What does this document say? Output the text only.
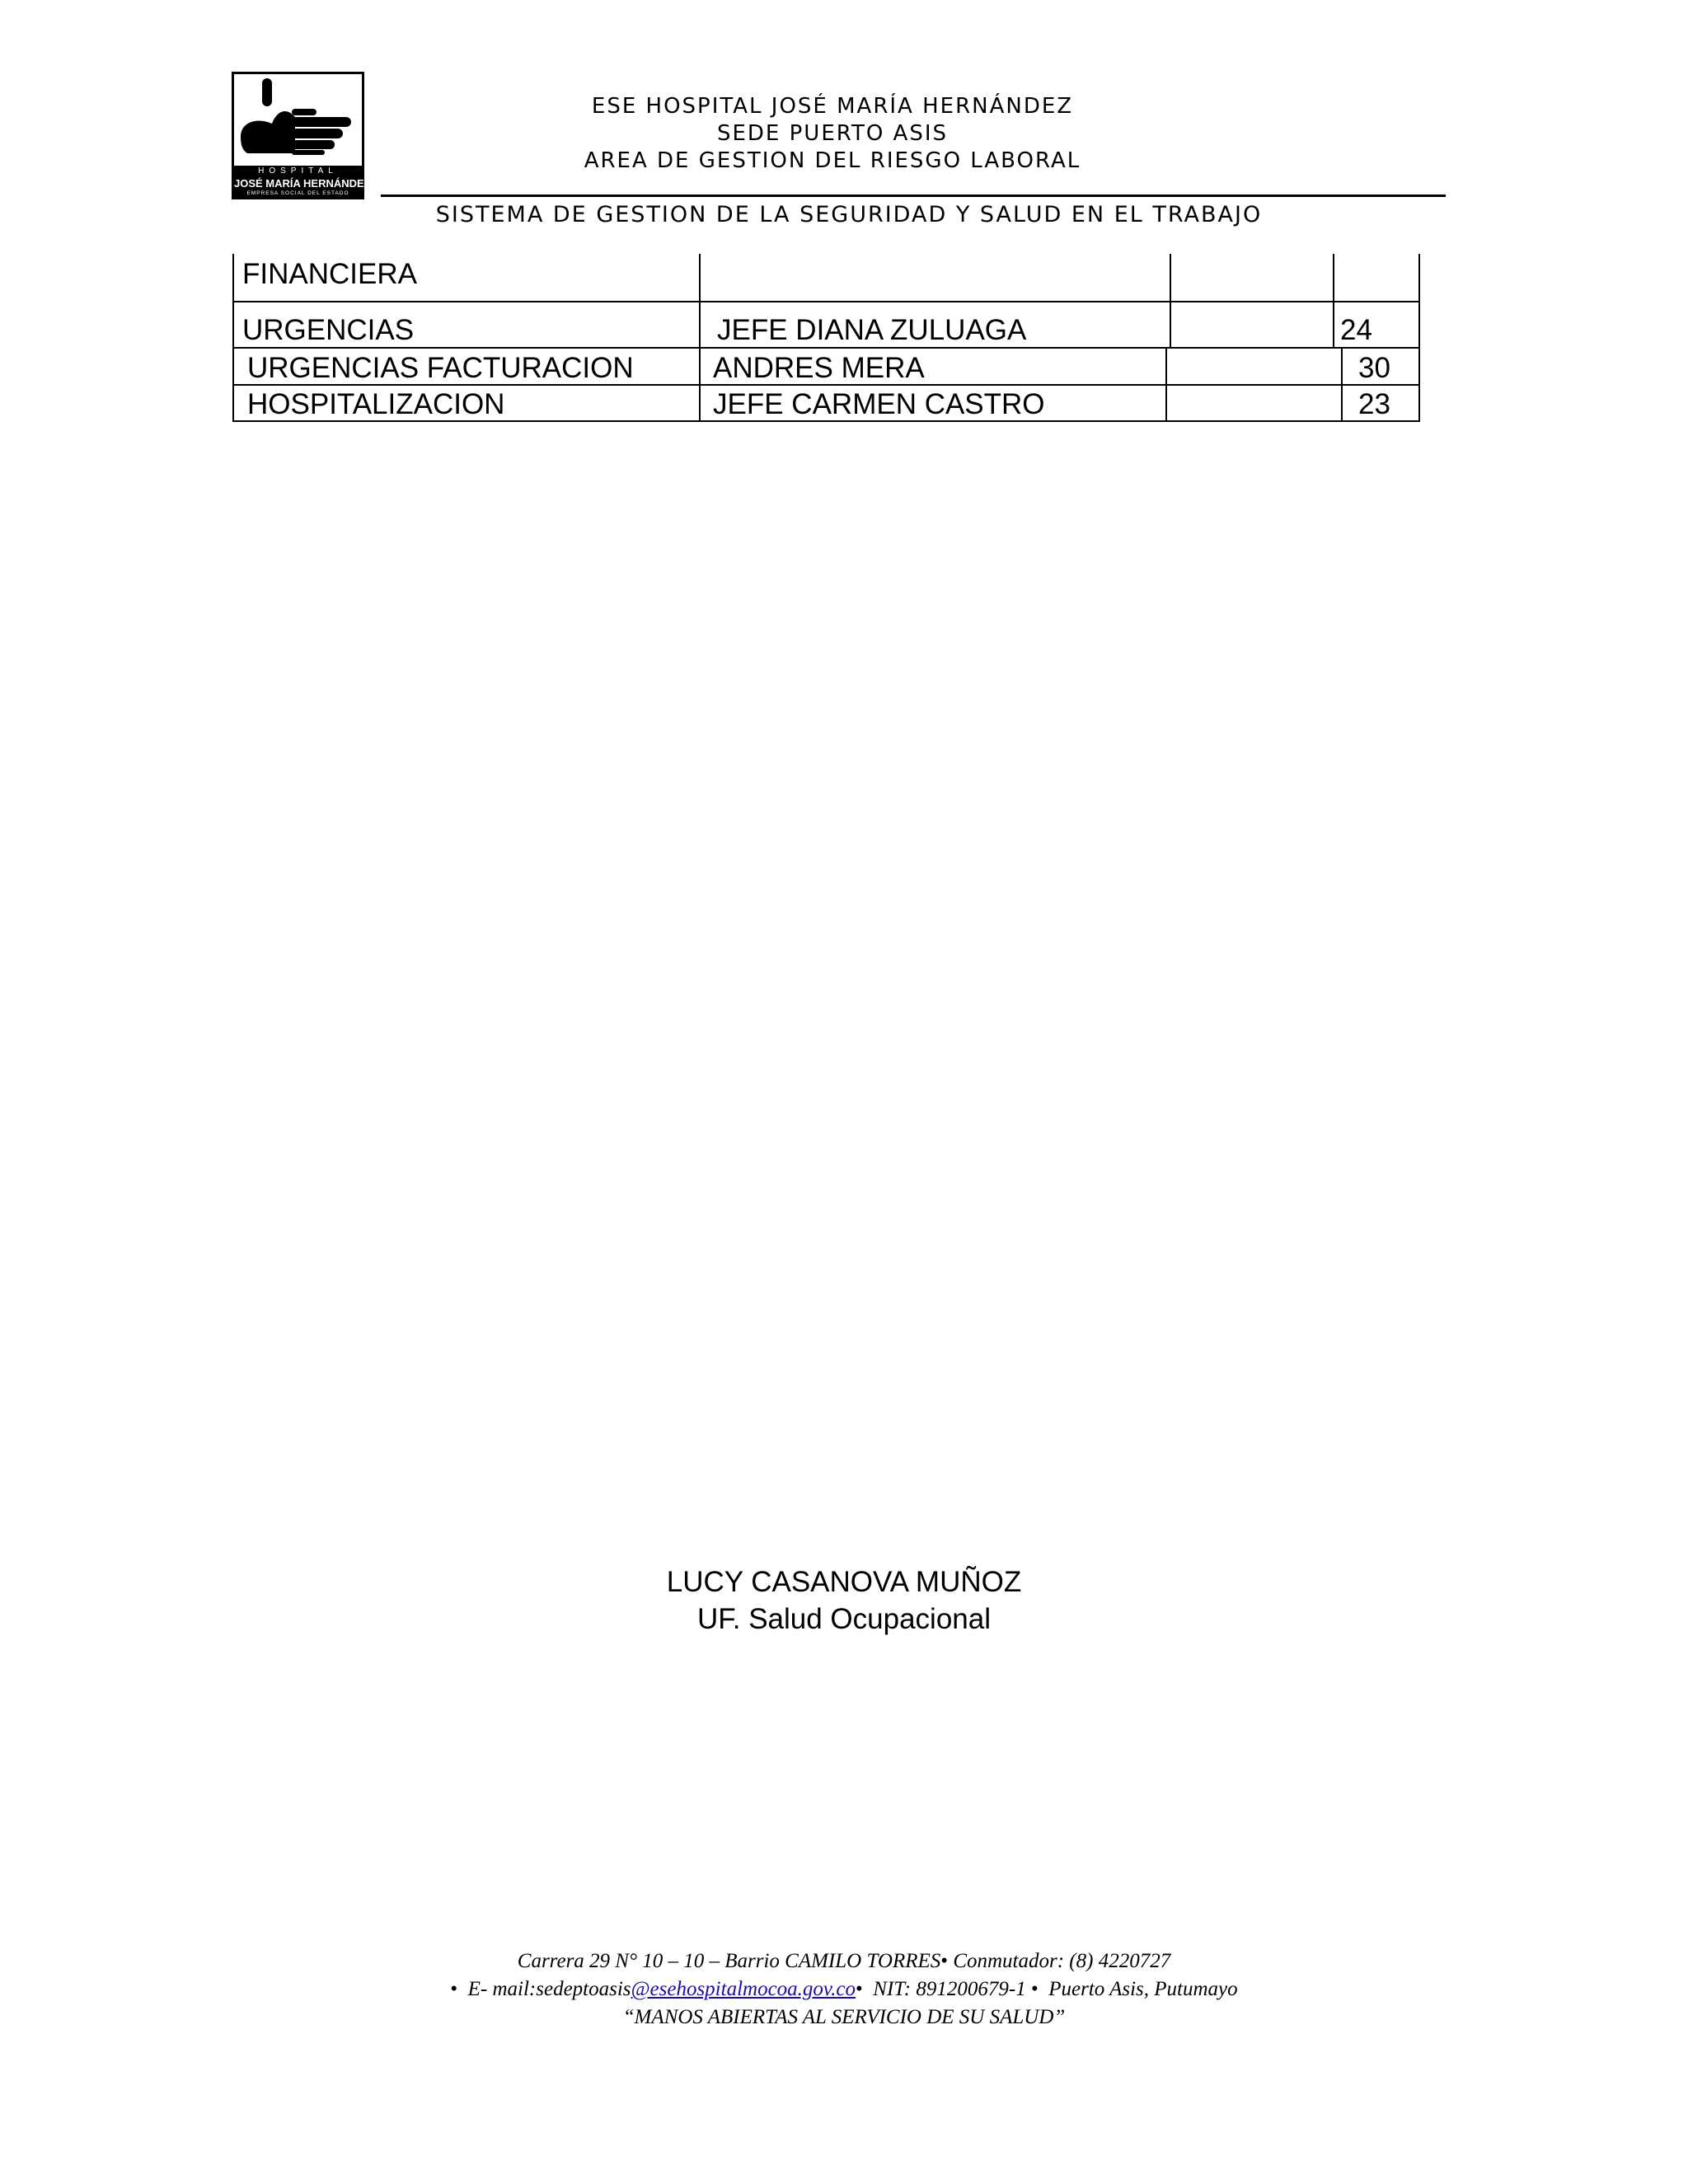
HOSPITAL
JOSÉ MARÍA HERNÁNDEZ
EMPRESA SOCIAL DEL ESTADO
ESE HOSPITAL JOSÉ MARÍA HERNÁNDEZ
SEDE PUERTO ASIS
AREA DE GESTION DEL RIESGO LABORAL
SISTEMA DE GESTION DE LA SEGURIDAD Y SALUD EN EL TRABAJO
FINANCIERA
URGENCIAS	JEFE DIANA ZULUAGA	24
URGENCIAS FACTURACION	ANDRES MERA	30
HOSPITALIZACION	JEFE CARMEN CASTRO	23
LUCY CASANOVA MUÑOZ
UF. Salud Ocupacional
Carrera 29 N° 10 – 10 – Barrio CAMILO TORRES• Conmutador: (8) 4220727
• E- mail:sedeptoasis@esehospitalmocoa.gov.co• NIT: 891200679-1 • Puerto Asis, Putumayo
“MANOS ABIERTAS AL SERVICIO DE SU SALUD”
